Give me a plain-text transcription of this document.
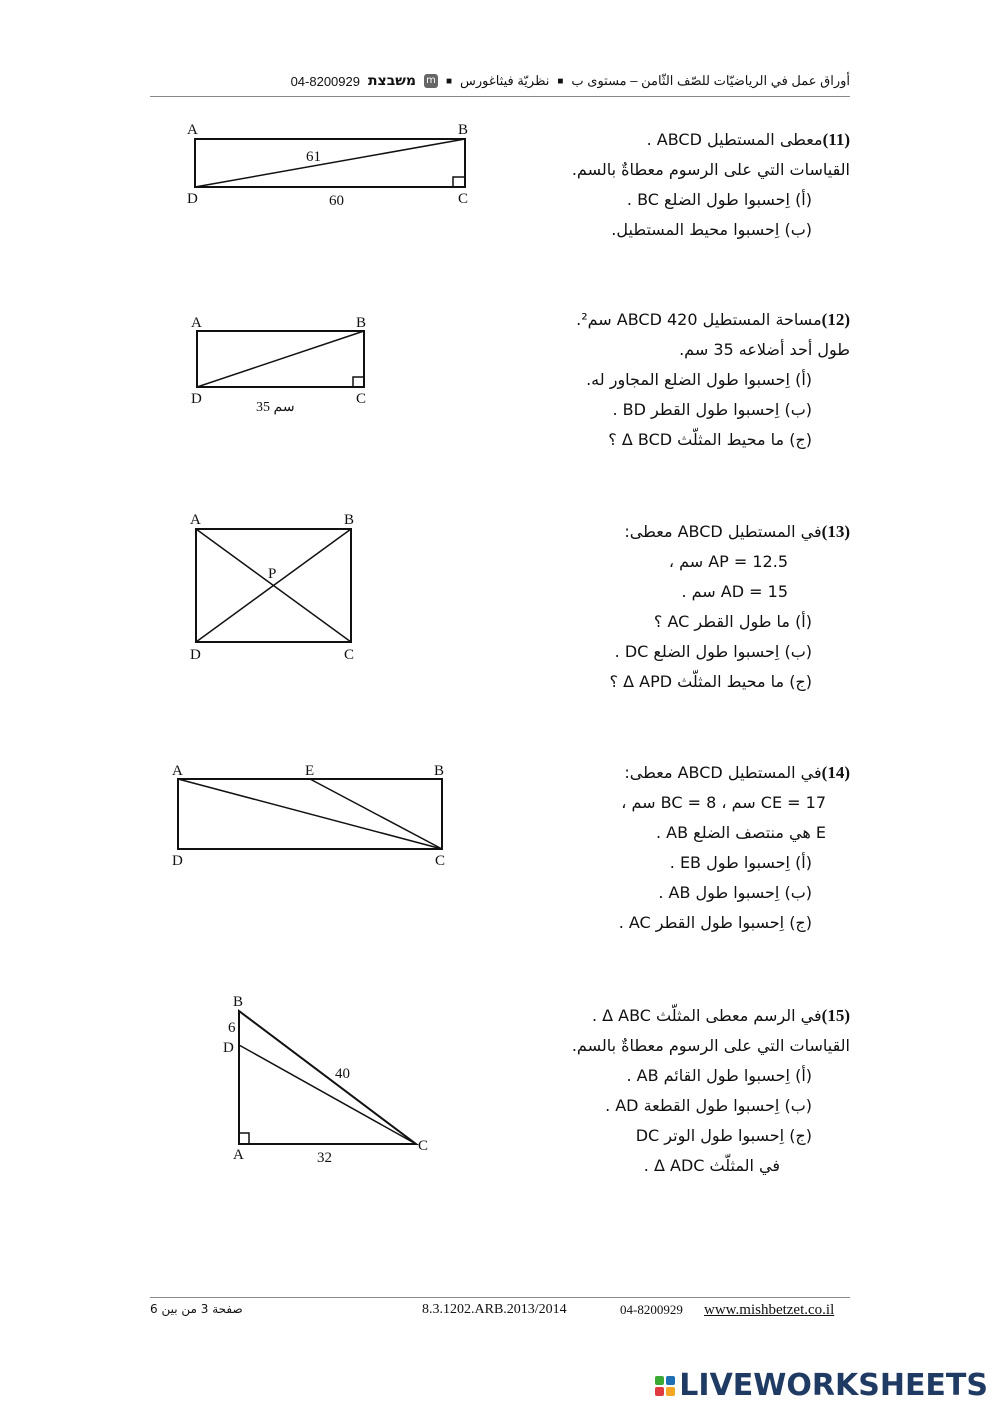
أوراق عمل في الرياضيّات للصّف الثّامن – مستوى ب
■
نظريّة فيثاغورس
■
m
משבצת
04-8200929
(11)معطى المستطيل ABCD .
القياسات التي على الرسوم معطاةٌ بالسم.
(أ) اِحسبوا طول الضلع BC .
(ب) اِحسبوا محيط المستطيل.
A	B
D	C
61
60
(12)مساحة المستطيل ABCD 420 سم².
طول أحد أضلاعه 35 سم.
(أ) اِحسبوا طول الضلع المجاور له.
(ب) اِحسبوا طول القطر BD .
(ج) ما محيط المثلّث Δ BCD ؟
A	B
D	C
35 سم
(13)في المستطيل ABCD معطى:
AP = 12.5 سم ،
AD = 15 سم .
(أ) ما طول القطر AC ؟
(ب) اِحسبوا طول الضلع DC .
(ج) ما محيط المثلّث Δ APD ؟
A	B
D	C
P
(14)في المستطيل ABCD معطى:
CE = 17 سم ، BC = 8 سم ،
E هي منتصف الضلع AB .
(أ) اِحسبوا طول EB .
(ب) اِحسبوا طول AB .
(ج) اِحسبوا طول القطر AC .
A	E	B
D	C
(15)في الرسم معطى المثلّث Δ ABC .
القياسات التي على الرسوم معطاةٌ بالسم.
(أ) اِحسبوا طول القائم AB .
(ب) اِحسبوا طول القطعة AD .
(ج) اِحسبوا طول الوتر DC
في المثلّث Δ ADC .
B
6
D
40
A
C
32
صفحة 3 من بين 6	8.3.1202.ARB.2013/2014	04-8200929 www.mishbetzet.co.il
LIVEWORKSHEETS
